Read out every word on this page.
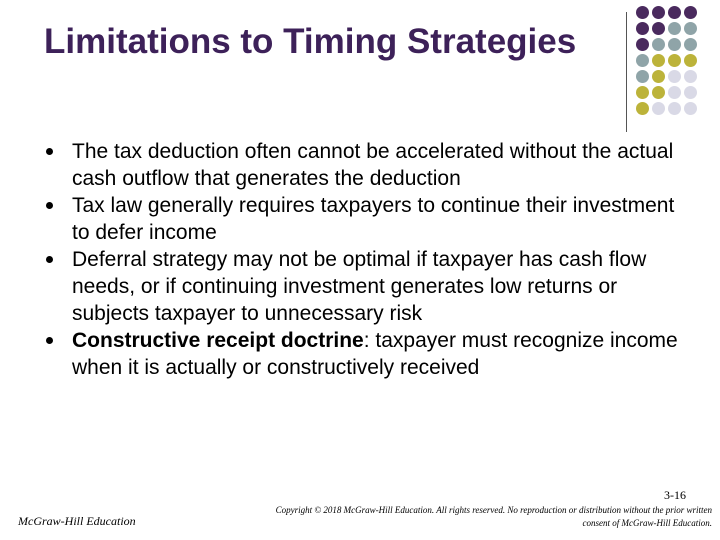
Limitations to Timing Strategies
The tax deduction often cannot be accelerated without the actual cash outflow that generates the deduction
Tax law generally requires taxpayers to continue their investment to defer income
Deferral strategy may not be optimal if taxpayer has cash flow needs, or if continuing investment generates low returns or subjects taxpayer to unnecessary risk
Constructive receipt doctrine: taxpayer must recognize income when it is actually or constructively received
3-16
McGraw-Hill Education
Copyright © 2018 McGraw-Hill Education. All rights reserved. No reproduction or distribution without the prior written
consent of McGraw-Hill Education.
